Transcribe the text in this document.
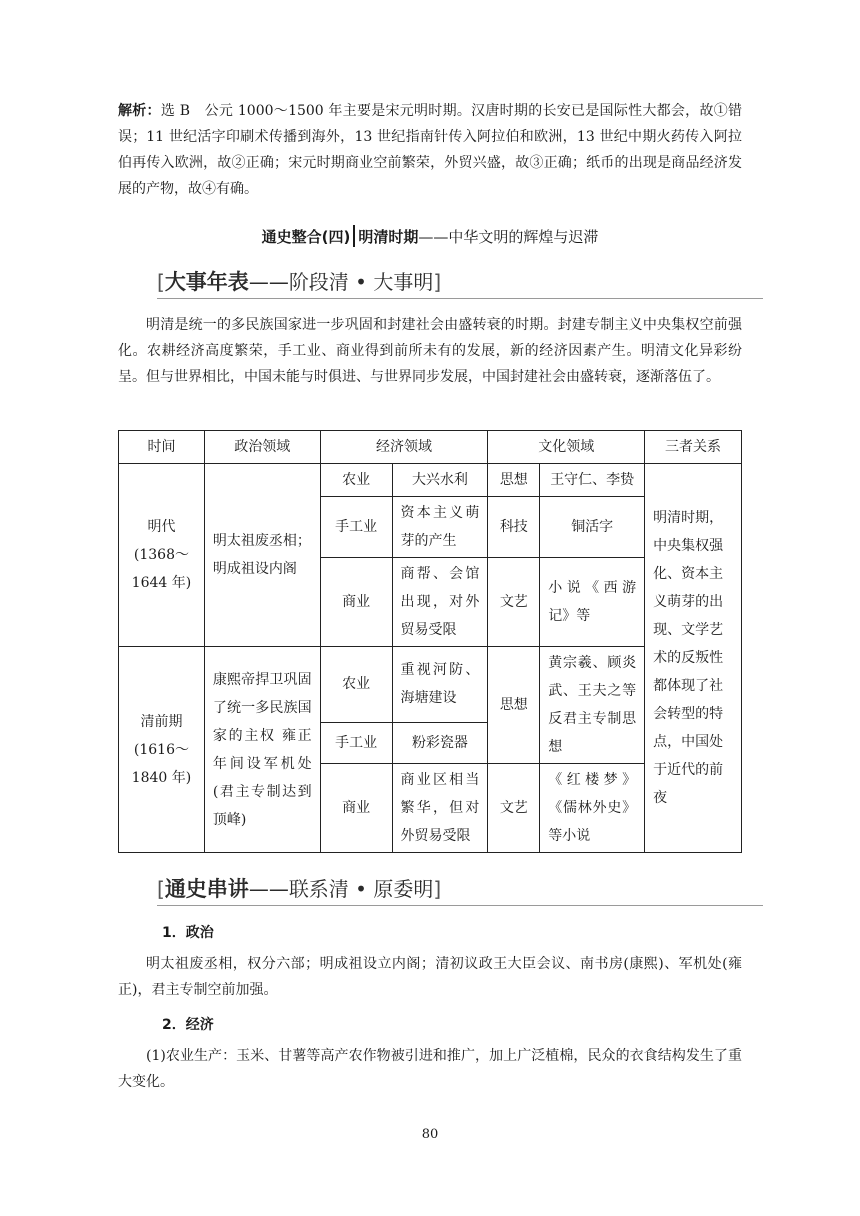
解析：选 B　公元 1000～1500 年主要是宋元明时期。汉唐时期的长安已是国际性大都会，故①错误；11 世纪活字印刷术传播到海外，13 世纪指南针传入阿拉伯和欧洲，13 世纪中期火药传入阿拉伯再传入欧洲，故②正确；宋元时期商业空前繁荣，外贸兴盛，故③正确；纸币的出现是商品经济发展的产物，故④有确。
通史整合(四) 明清时期——中华文明的辉煌与迟滞
[大事年表——阶段清 • 大事明]
明清是统一的多民族国家进一步巩固和封建社会由盛转衰的时期。封建专制主义中央集权空前强化。农耕经济高度繁荣，手工业、商业得到前所未有的发展，新的经济因素产生。明清文化异彩纷呈。但与世界相比，中国未能与时俱进、与世界同步发展，中国封建社会由盛转衰，逐渐落伍了。
时间	政治领域	经济领域		文化领域		三者关系
明代 (1368～1644 年)	明太祖废丞相；明成祖设内阁	农业	大兴水利	思想	王守仁、李贽	明清时期，中央集权强化、资本主义萌芽的出现、文学艺术的反叛性都体现了社会转型的特点，中国处于近代的前夜
		手工业	资本主义萌芽的产生	科技	铜活字	
		商业	商帮、会馆出现，对外贸易受限	文艺	小说《西游记》等	
清前期 (1616～1840 年)	康熙帝捍卫巩固了统一多民族国家的主权 雍正年间设军机处(君主专制达到顶峰)	农业	重视河防、海塘建设	思想	黄宗羲、顾炎武、王夫之等反君主专制思想	
		手工业	粉彩瓷器			
		商业	商业区相当繁华，但对外贸易受限	文艺	《红楼梦》《儒林外史》等小说	
[通史串讲——联系清 • 原委明]
1．政治
明太祖废丞相，权分六部；明成祖设立内阁；清初议政王大臣会议、南书房(康熙)、军机处(雍正)，君主专制空前加强。
2．经济
(1)农业生产：玉米、甘薯等高产农作物被引进和推广，加上广泛植棉，民众的衣食结构发生了重大变化。
80
